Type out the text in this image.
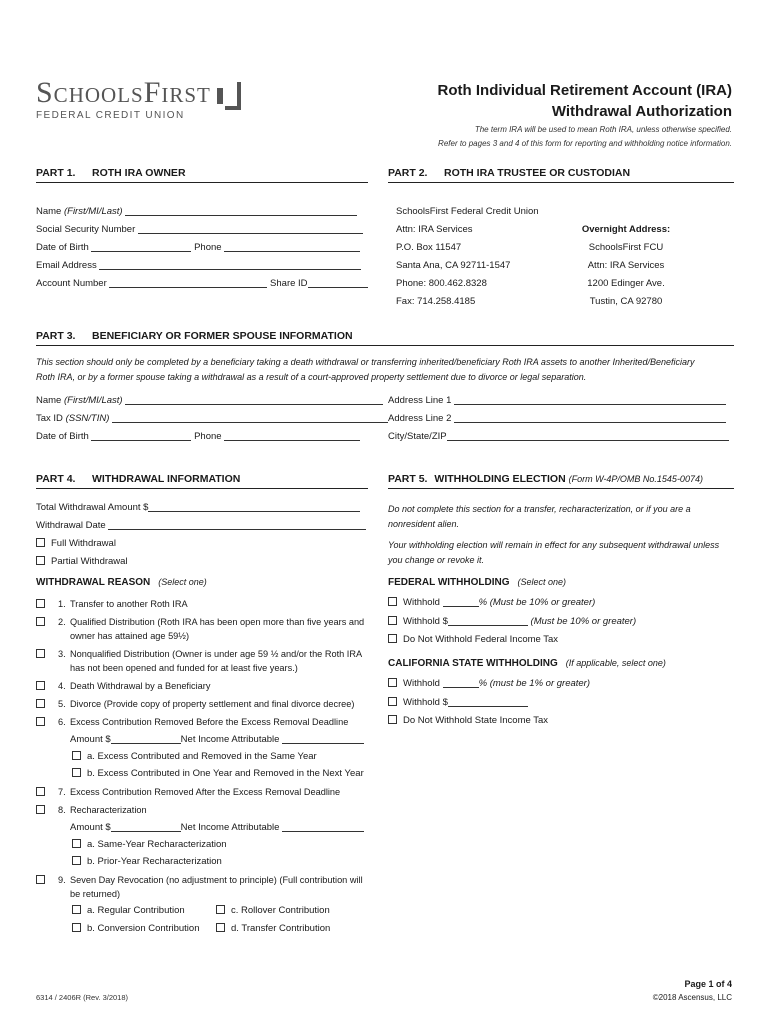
SchoolsFirst
FEDERAL CREDIT UNION
Roth Individual Retirement Account (IRA)
Withdrawal Authorization
The term IRA will be used to mean Roth IRA, unless otherwise specified.
Refer to pages 3 and 4 of this form for reporting and withholding notice information.
PART 1. ROTH IRA OWNER
Name (First/MI/Last)
Social Security Number
Date of Birth	Phone
Email Address
Account Number	Share ID
PART 2. ROTH IRA TRUSTEE OR CUSTODIAN
SchoolsFirst Federal Credit Union
Attn: IRA Services
P.O. Box 11547
Santa Ana, CA 92711-1547
Phone: 800.462.8328
Fax: 714.258.4185
Overnight Address:
SchoolsFirst FCU
Attn: IRA Services
1200 Edinger Ave.
Tustin, CA 92780
PART 3. BENEFICIARY OR FORMER SPOUSE INFORMATION
This section should only be completed by a beneficiary taking a death withdrawal or transferring inherited/beneficiary Roth IRA assets to another Inherited/Beneficiary
Roth IRA, or by a former spouse taking a withdrawal as a result of a court-approved property settlement due to divorce or legal separation.
Name (First/MI/Last)
Tax ID (SSN/TIN)
Date of Birth	Phone
Address Line 1
Address Line 2
City/State/ZIP
PART 4. WITHDRAWAL INFORMATION
Total Withdrawal Amount $
Withdrawal Date
Full Withdrawal
Partial Withdrawal
WITHDRAWAL REASON (Select one)
1. Transfer to another Roth IRA
2. Qualified Distribution (Roth IRA has been open more than five years and
owner has attained age 59½)
3. Nonqualified Distribution (Owner is under age 59 ½ and/or the Roth IRA
has not been opened and funded for at least five years.)
4. Death Withdrawal by a Beneficiary
5. Divorce (Provide copy of property settlement and final divorce decree)
6. Excess Contribution Removed Before the Excess Removal Deadline
Amount $	Net Income Attributable
a. Excess Contributed and Removed in the Same Year
b. Excess Contributed in One Year and Removed in the Next Year
7. Excess Contribution Removed After the Excess Removal Deadline
8. Recharacterization
Amount $	Net Income Attributable
a. Same-Year Recharacterization
b. Prior-Year Recharacterization
9. Seven Day Revocation (no adjustment to principle) (Full contribution will
be returned)
a. Regular Contribution	c. Rollover Contribution
b. Conversion Contribution	d. Transfer Contribution
PART 5. WITHHOLDING ELECTION (Form W-4P/OMB No.1545-0074)
Do not complete this section for a transfer, recharacterization, or if you are a
nonresident alien.
Your withholding election will remain in effect for any subsequent withdrawal unless
you change or revoke it.
FEDERAL WITHHOLDING (Select one)
Withhold	% (Must be 10% or greater)
Withhold $	(Must be 10% or greater)
Do Not Withhold Federal Income Tax
CALIFORNIA STATE WITHHOLDING (If applicable, select one)
Withhold	% (must be 1% or greater)
Withhold $
Do Not Withhold State Income Tax
6314 / 2406R (Rev. 3/2018)
Page 1 of 4
©2018 Ascensus, LLC
